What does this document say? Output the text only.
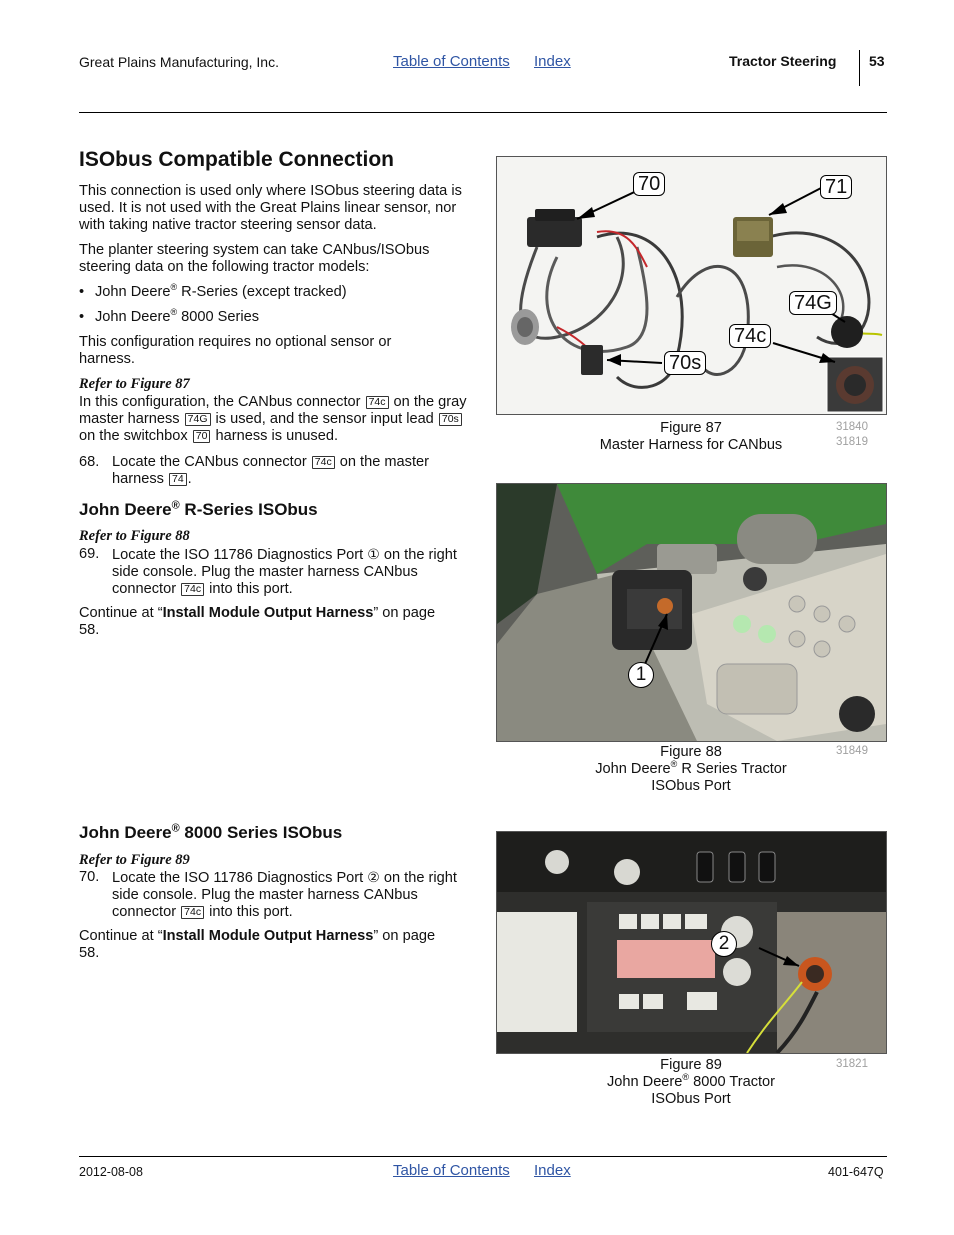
Great Plains Manufacturing, Inc.	Table of Contents Index	Tractor Steering 53
ISObus Compatible Connection

This connection is used only where ISObus steering data is used. It is not used with the Great Plains linear sensor, nor with taking native tractor steering sensor data.

The planter steering system can take CANbus/ISObus steering data on the following tractor models:

• John Deere® R-Series (except tracked)
• John Deere® 8000 Series

This configuration requires no optional sensor or harness.

Refer to Figure 87

In this configuration, the CANbus connector 74c on the gray master harness 74G is used, and the sensor input lead 70s on the switchbox 70 harness is unused.

68. Locate the CANbus connector 74c on the master harness 74 .
John Deere® R-Series ISObus

Refer to Figure 88

69. Locate the ISO 11786 Diagnostics Port ① on the right side console. Plug the master harness CANbus connector 74c into this port.

Continue at “Install Module Output Harness” on page 58.

John Deere® 8000 Series ISObus

Refer to Figure 89

70. Locate the ISO 11786 Diagnostics Port ② on the right side console. Plug the master harness CANbus connector 74c into this port.

Continue at “Install Module Output Harness” on page 58.

70	71
74G
74c
70s
Figure 87
Master Harness for CANbus
31840
31819
1
Figure 88
John Deere® R Series Tractor
ISObus Port
31849
2
Figure 89
John Deere® 8000 Tractor
ISObus Port
31821
2012-08-08	Table of Contents Index	401-647Q
